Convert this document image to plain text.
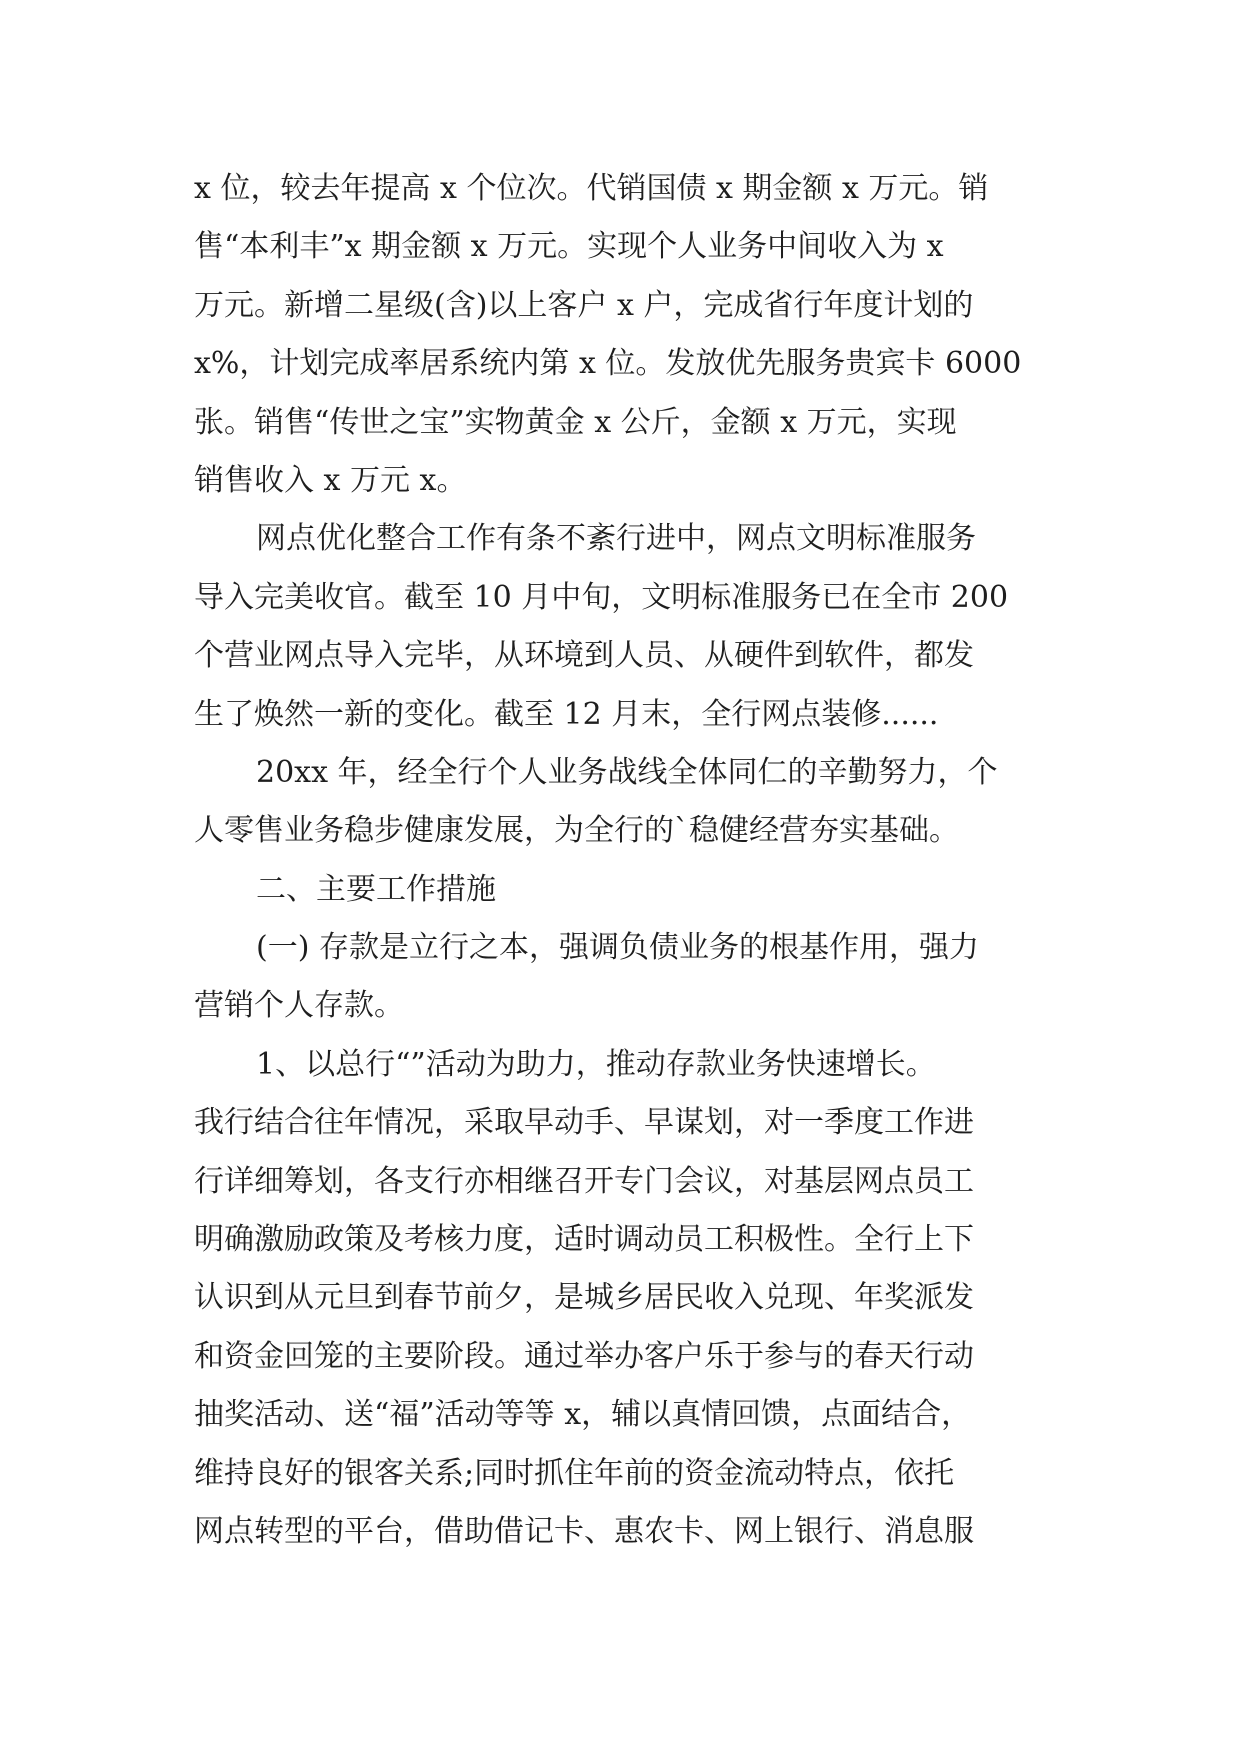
x 位，较去年提高 x 个位次。代销国债 x 期金额 x 万元。销
售“本利丰”x 期金额 x 万元。实现个人业务中间收入为 x
万元。新增二星级(含)以上客户 x 户，完成省行年度计划的
x%，计划完成率居系统内第 x 位。发放优先服务贵宾卡 6000
张。销售“传世之宝”实物黄金 x 公斤，金额 x 万元，实现
销售收入 x 万元 x。
网点优化整合工作有条不紊行进中，网点文明标准服务
导入完美收官。截至 10 月中旬，文明标准服务已在全市 200
个营业网点导入完毕，从环境到人员、从硬件到软件，都发
生了焕然一新的变化。截至 12 月末，全行网点装修......
20xx 年，经全行个人业务战线全体同仁的辛勤努力，个
人零售业务稳步健康发展，为全行的`稳健经营夯实基础。
二、主要工作措施
(一) 存款是立行之本，强调负债业务的根基作用，强力
营销个人存款。
1、以总行“”活动为助力，推动存款业务快速增长。
我行结合往年情况，采取早动手、早谋划，对一季度工作进
行详细筹划，各支行亦相继召开专门会议，对基层网点员工
明确激励政策及考核力度，适时调动员工积极性。全行上下
认识到从元旦到春节前夕，是城乡居民收入兑现、年奖派发
和资金回笼的主要阶段。通过举办客户乐于参与的春天行动
抽奖活动、送“福”活动等等 x，辅以真情回馈，点面结合，
维持良好的银客关系;同时抓住年前的资金流动特点，依托
网点转型的平台，借助借记卡、惠农卡、网上银行、消息服
